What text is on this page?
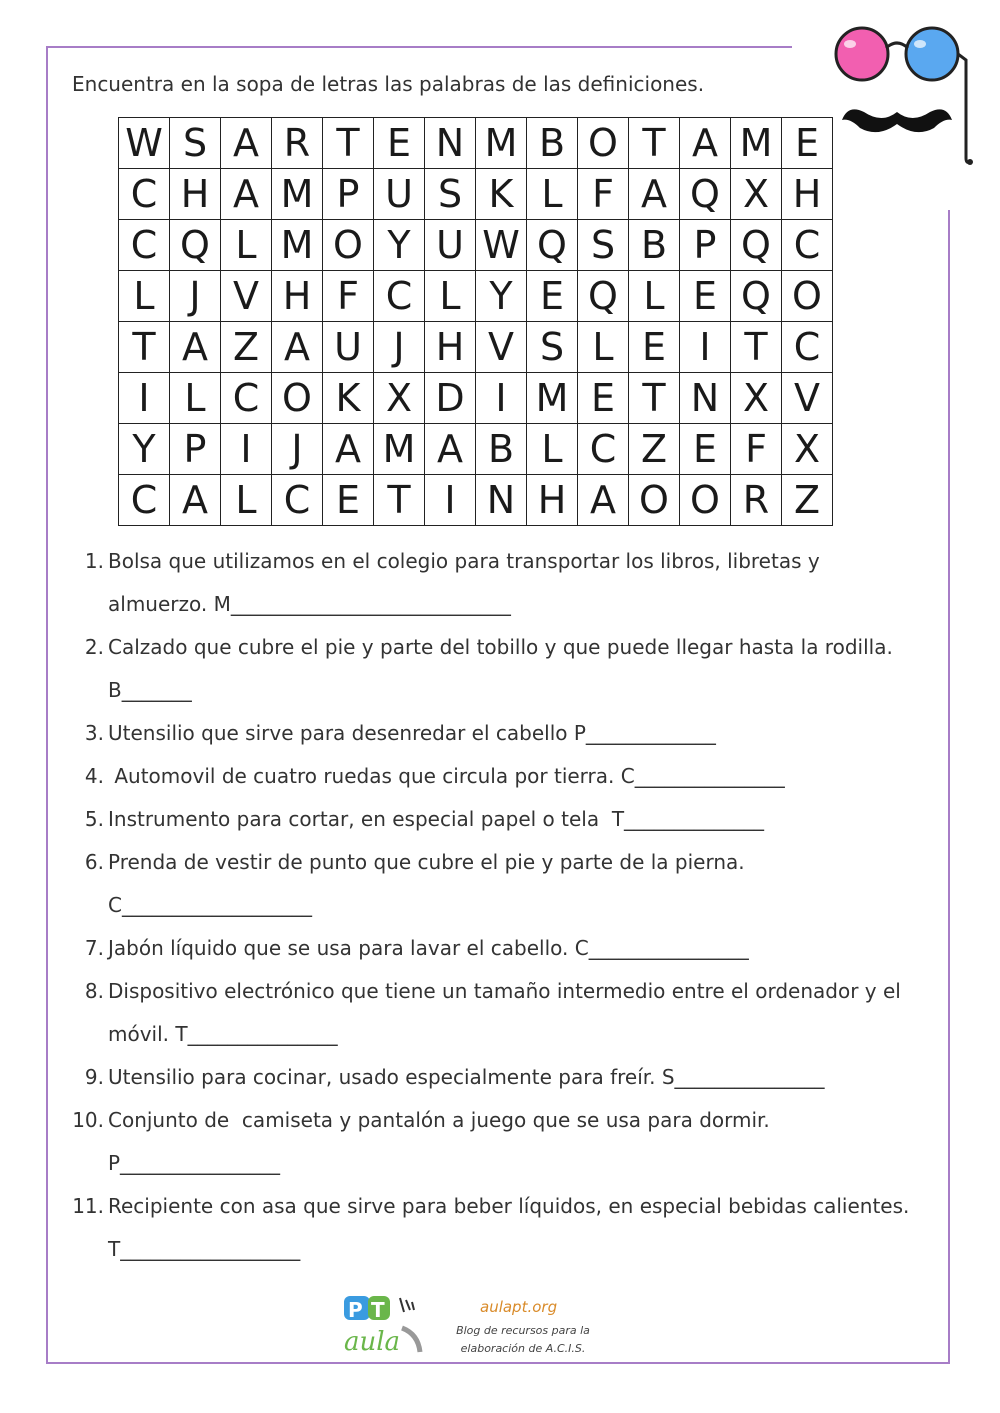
Encuentra en la sopa de letras las palabras de las definiciones.
W S A R T E N M B O T A M E
C H A M P U S K L F A Q X H
C Q L M O Y U W Q S B P Q C
L J V H F C L Y E Q L E Q O
T A Z A U J H V S L E I T C
I L C O K X D I M E T N X V
Y P I	J A M A B L C Z E F X
C A L C E T I N H A O O R Z
1. Bolsa que utilizamos en el colegio para transportar los libros, libretas y
almuerzo. M____________________________
2. Calzado que cubre el pie y parte del tobillo y que puede llegar hasta la rodilla.
B_______
3. Utensilio que sirve para desenredar el cabello P_____________
4. Automovil de cuatro ruedas que circula por tierra. C_______________
5. Instrumento para cortar, en especial papel o tela  T______________
6. Prenda de vestir de punto que cubre el pie y parte de la pierna.
C___________________
7. Jabón líquido que se usa para lavar el cabello. C________________
8. Dispositivo electrónico que tiene un tamaño intermedio entre el ordenador y el
móvil. T_______________
9. Utensilio para cocinar, usado especialmente para freír. S_______________
10. Conjunto de  camiseta y pantalón a juego que se usa para dormir.
P________________
11. Recipiente con asa que sirve para beber líquidos, en especial bebidas calientes.
T__________________
P T
aula
aulapt.org
Blog de recursos para la elaboración de A.C.I.S.
